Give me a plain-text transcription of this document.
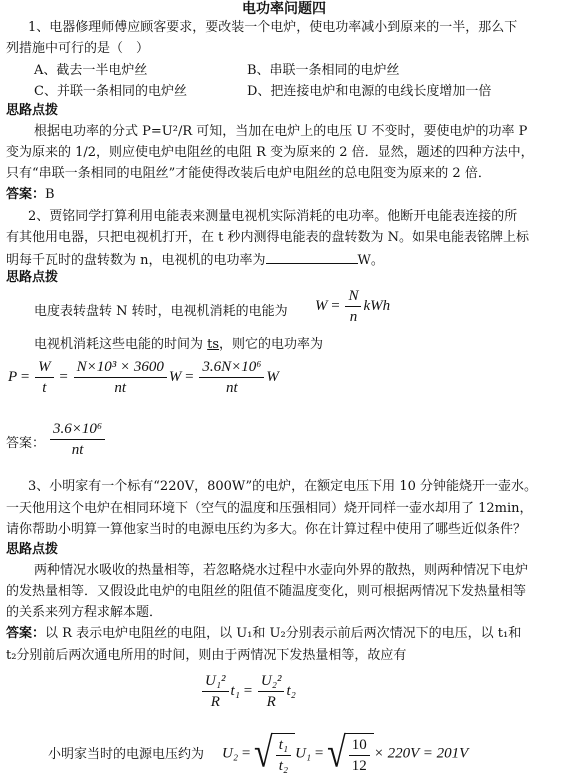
电功率问题四
1、电器修理师傅应顾客要求，要改装一个电炉，使电功率减小到原来的一半，那么下
列措施中可行的是（　）
A、截去一半电炉丝	B、串联一条相同的电炉丝
C、并联一条相同的电炉丝	D、把连接电炉和电源的电线长度增加一倍
思路点拨
根据电功率的分式 P=U²/R 可知，当加在电炉上的电压 U 不变时，要使电炉的功率 P
变为原来的 1/2，则应使电炉电阻丝的电阻 R 变为原来的 2 倍．显然，题述的四种方法中，
只有“串联一条相同的电阻丝”才能使得改装后电炉电阻丝的总电阻变为原来的 2 倍．
答案：B
2、贾铭同学打算利用电能表来测量电视机实际消耗的电功率。他断开电能表连接的所
有其他用电器，只把电视机打开，在 t 秒内测得电能表的盘转数为 N。如果电能表铭牌上标
明每千瓦时的盘转数为 n，电视机的电功率为	W。
思路点拨
电度表转盘转 N 转时，电视机消耗的电能为 $W = \frac{N}{n}$ kWh
电视机消耗这些电能的时间为 ts，则它的电功率为
$P = \frac{W}{t} = \frac{\text{N×10³ × 3600}}{nt}$ $W = \frac{\text{3.6N×10⁶}}{nt}$ W
答案： $\frac{\text{3.6×10⁶}}{nt}$
3、小明家有一个标有“220V，800W”的电炉，在额定电压下用 10 分钟能烧开一壶水。
一天他用这个电炉在相同环境下（空气的温度和压强相同）烧开同样一壶水却用了 12min，
请你帮助小明算一算他家当时的电源电压约为多大。你在计算过程中使用了哪些近似条件？
思路点拨
两种情况水吸收的热量相等，若忽略烧水过程中水壶向外界的散热，则两种情况下电炉
的发热量相等．又假设此电炉的电阻丝的阻值不随温度变化，则可根据两情况下发热量相等
的关系来列方程求解本题．
答案：以 R 表示电炉电阻丝的电阻，以 U₁和 U₂分别表示前后两次情况下的电压，以 t₁和
t₂分别前后两次通电所用的时间，则由于两情况下发热量相等，故应有
$\frac{\text{U₁²}}{R} t_1 = \frac{\text{U₂²}}{R} t_2$
小明家当时的电源电压约为 U₂ = √ $\frac{\text{t₁}}{\text{t₂}} U_1$ = √ $\frac{10}{12} \times 220V = 201V$
